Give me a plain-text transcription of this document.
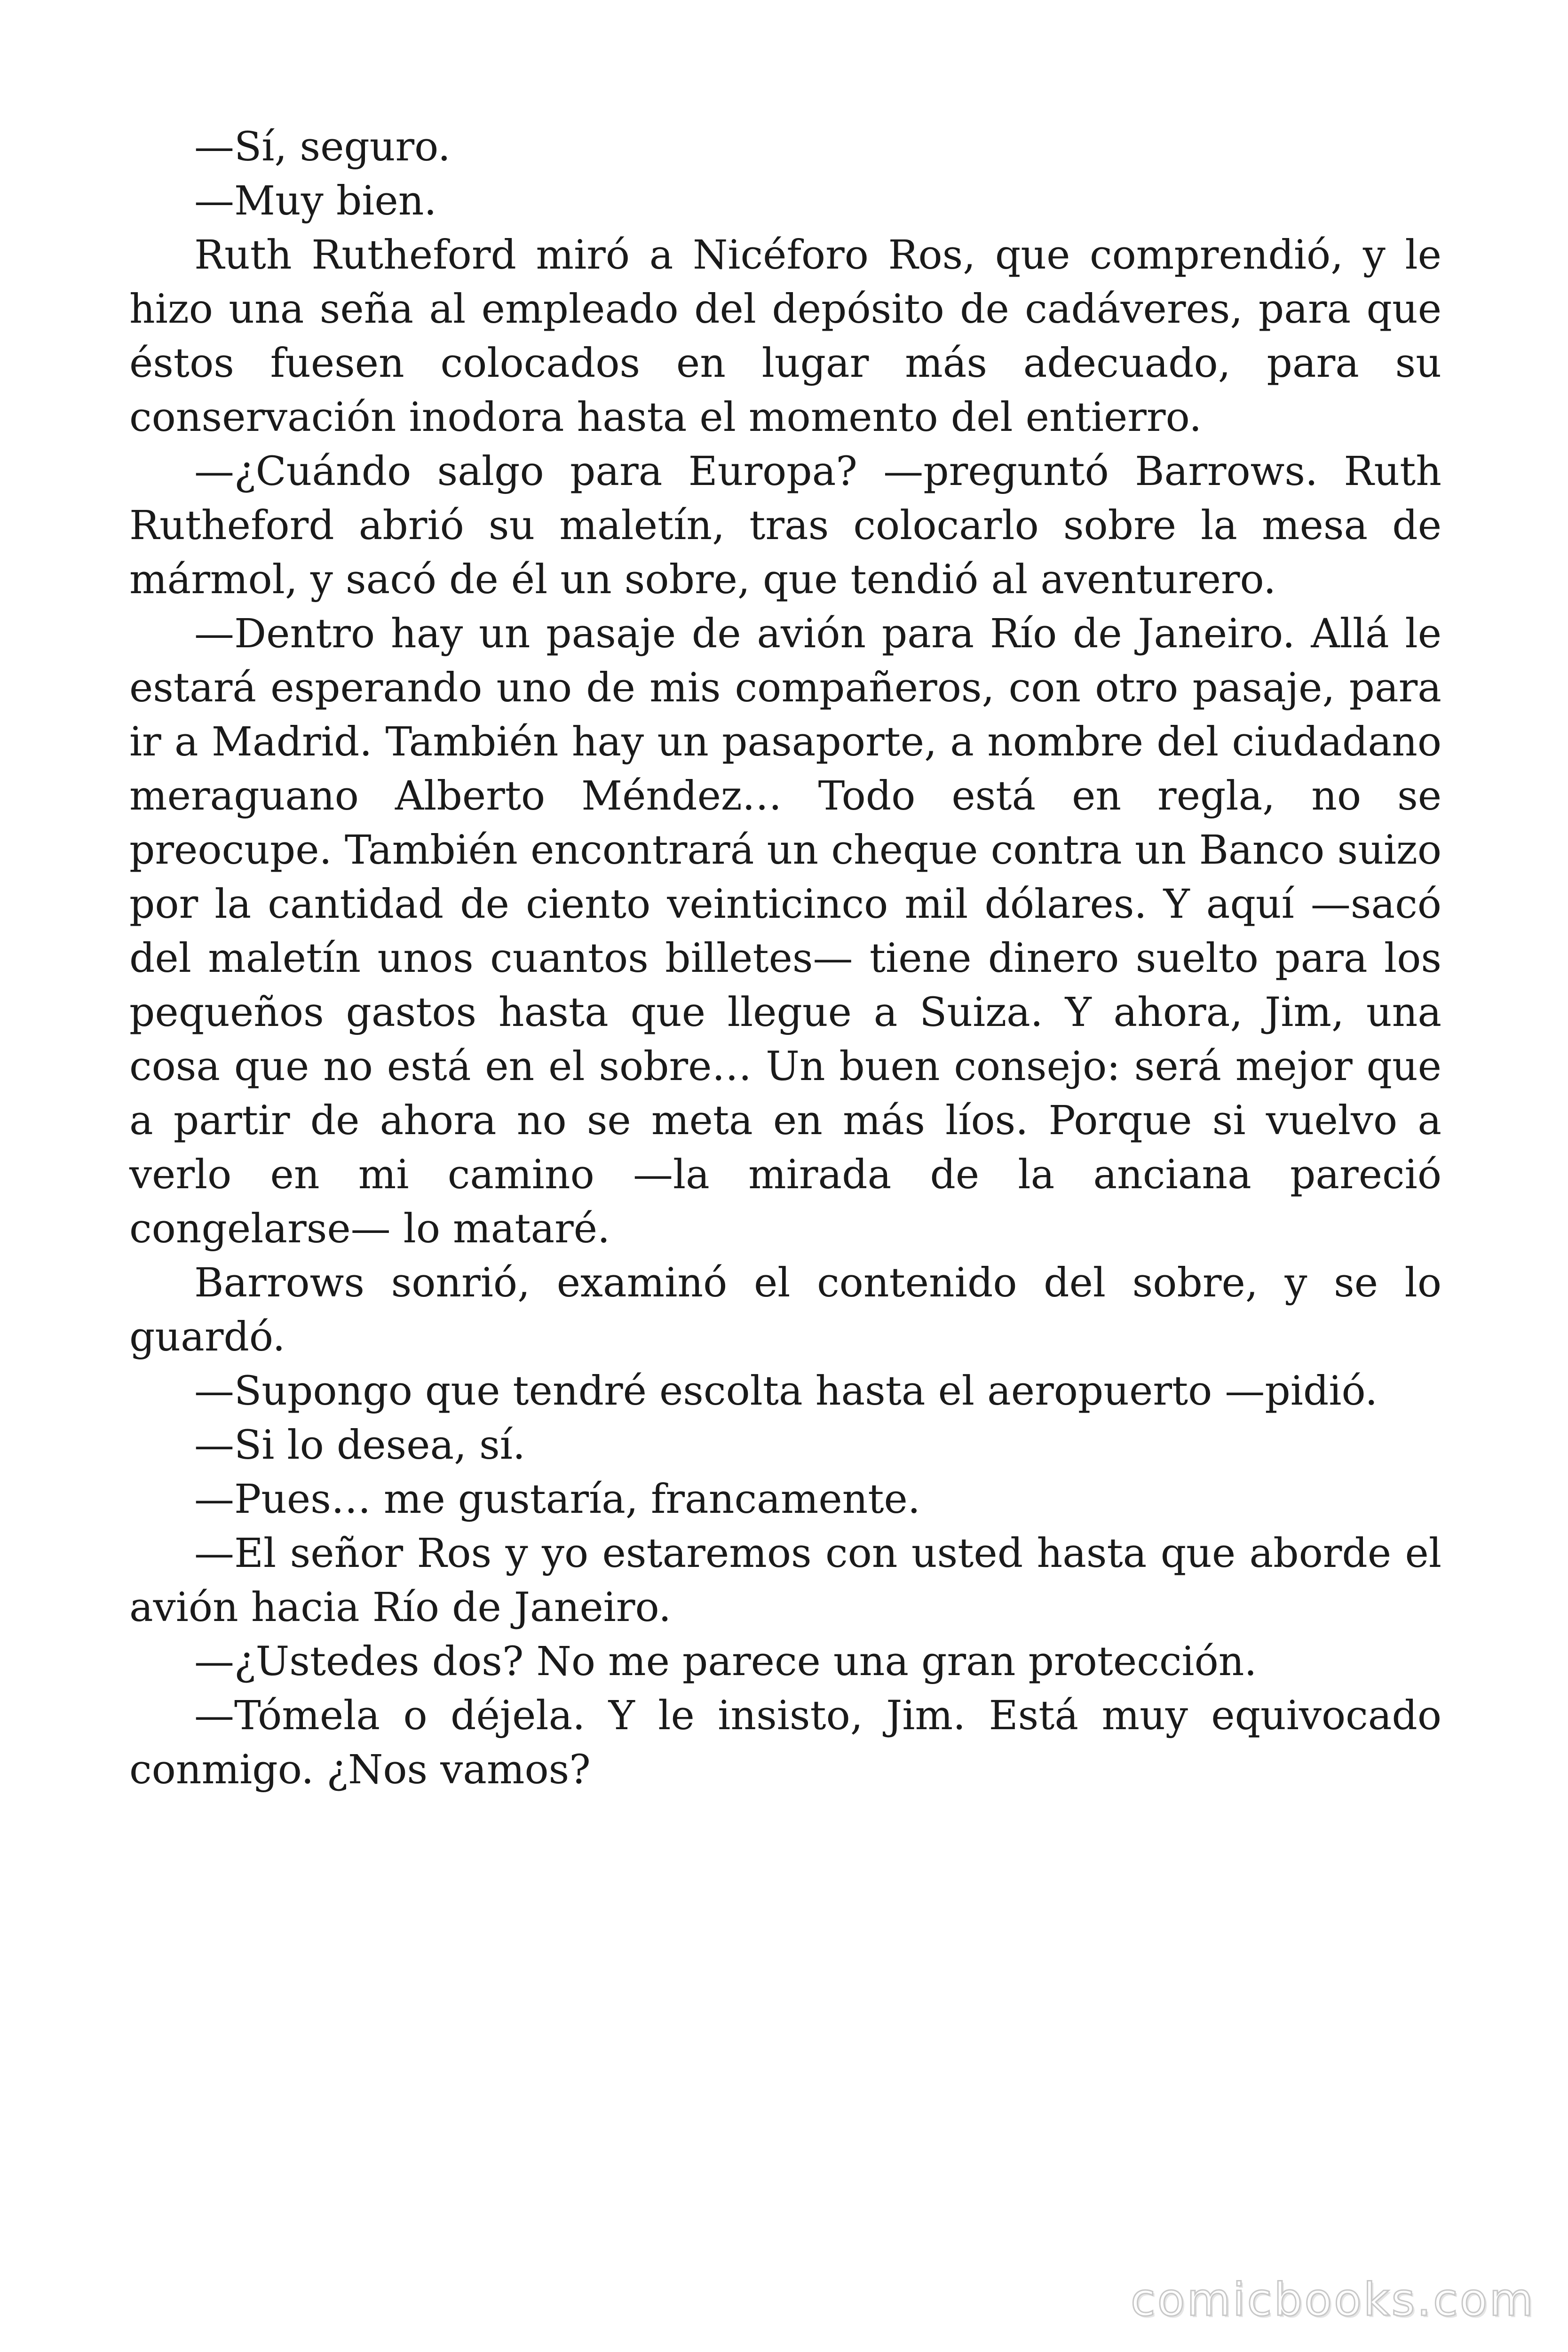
—Sí, seguro.

—Muy bien.

Ruth Rutheford miró a Nicéforo Ros, que comprendió, y le hizo una seña al empleado del depósito de cadáveres, para que éstos fuesen colocados en lugar más adecuado, para su conservación inodora hasta el momento del entierro.

—¿Cuándo salgo para Europa? —preguntó Barrows. Ruth Rutheford abrió su maletín, tras colocarlo sobre la mesa de mármol, y sacó de él un sobre, que tendió al aventurero.

—Dentro hay un pasaje de avión para Río de Janeiro. Allá le estará esperando uno de mis compañeros, con otro pasaje, para ir a Madrid. También hay un pasaporte, a nombre del ciudadano meraguano Alberto Méndez… Todo está en regla, no se preocupe. También encontrará un cheque contra un Banco suizo por la cantidad de ciento veinticinco mil dólares. Y aquí —sacó del maletín unos cuantos billetes— tiene dinero suelto para los pequeños gastos hasta que llegue a Suiza. Y ahora, Jim, una cosa que no está en el sobre… Un buen consejo: será mejor que a partir de ahora no se meta en más líos. Porque si vuelvo a verlo en mi camino —la mirada de la anciana pareció congelarse— lo mataré.

Barrows sonrió, examinó el contenido del sobre, y se lo guardó.

—Supongo que tendré escolta hasta el aeropuerto —pidió.

—Si lo desea, sí.

—Pues… me gustaría, francamente.

—El señor Ros y yo estaremos con usted hasta que aborde el avión hacia Río de Janeiro.

—¿Ustedes dos? No me parece una gran protección.

—Tómela o déjela. Y le insisto, Jim. Está muy equivocado conmigo. ¿Nos vamos?

comicbooks.com
